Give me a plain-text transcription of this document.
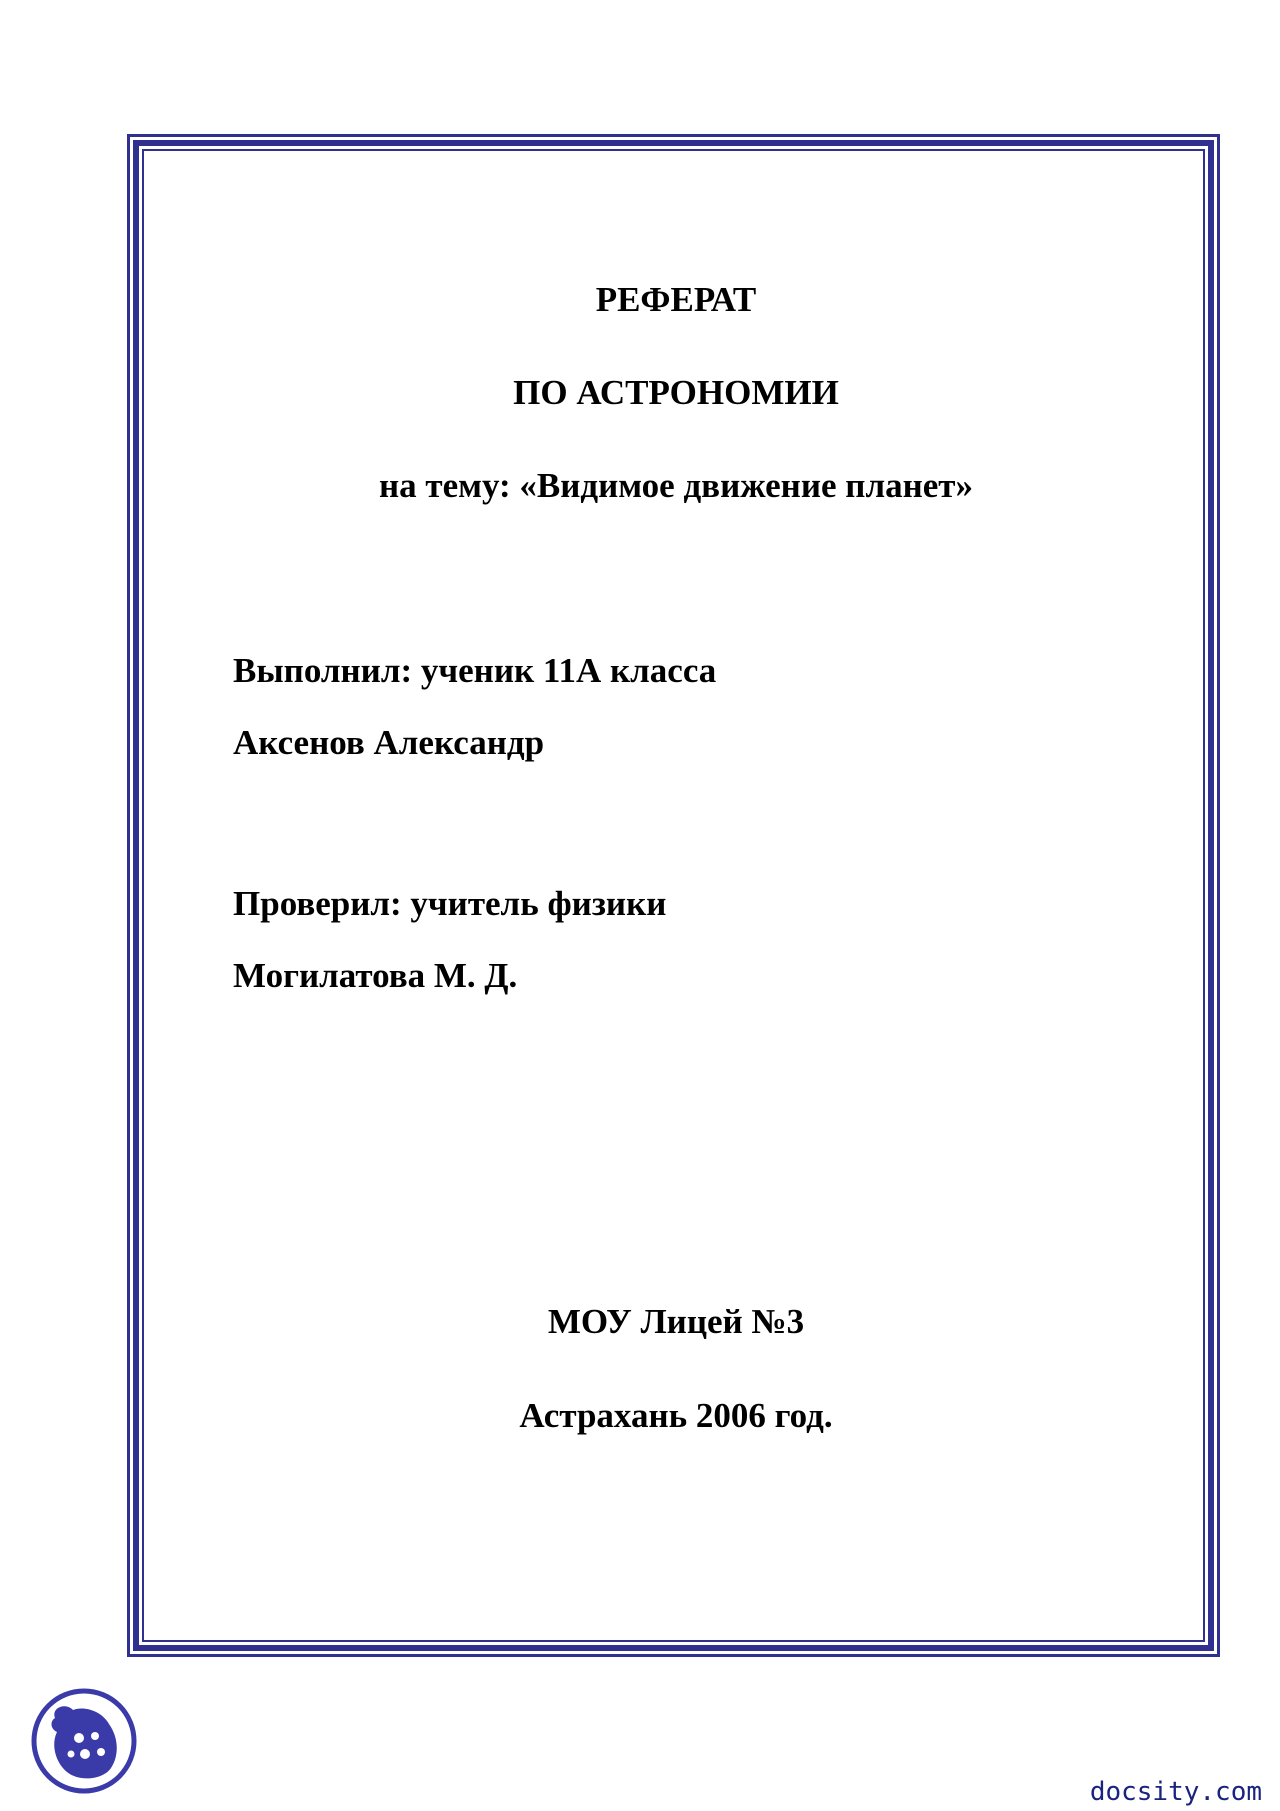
РЕФЕРАТ
ПО АСТРОНОМИИ
на тему: «Видимое движение планет»
Выполнил: ученик 11А класса
Аксенов Александр
Проверил: учитель физики
Могилатова М. Д.
МОУ Лицей №3
Астрахань 2006 год.
docsity.com
